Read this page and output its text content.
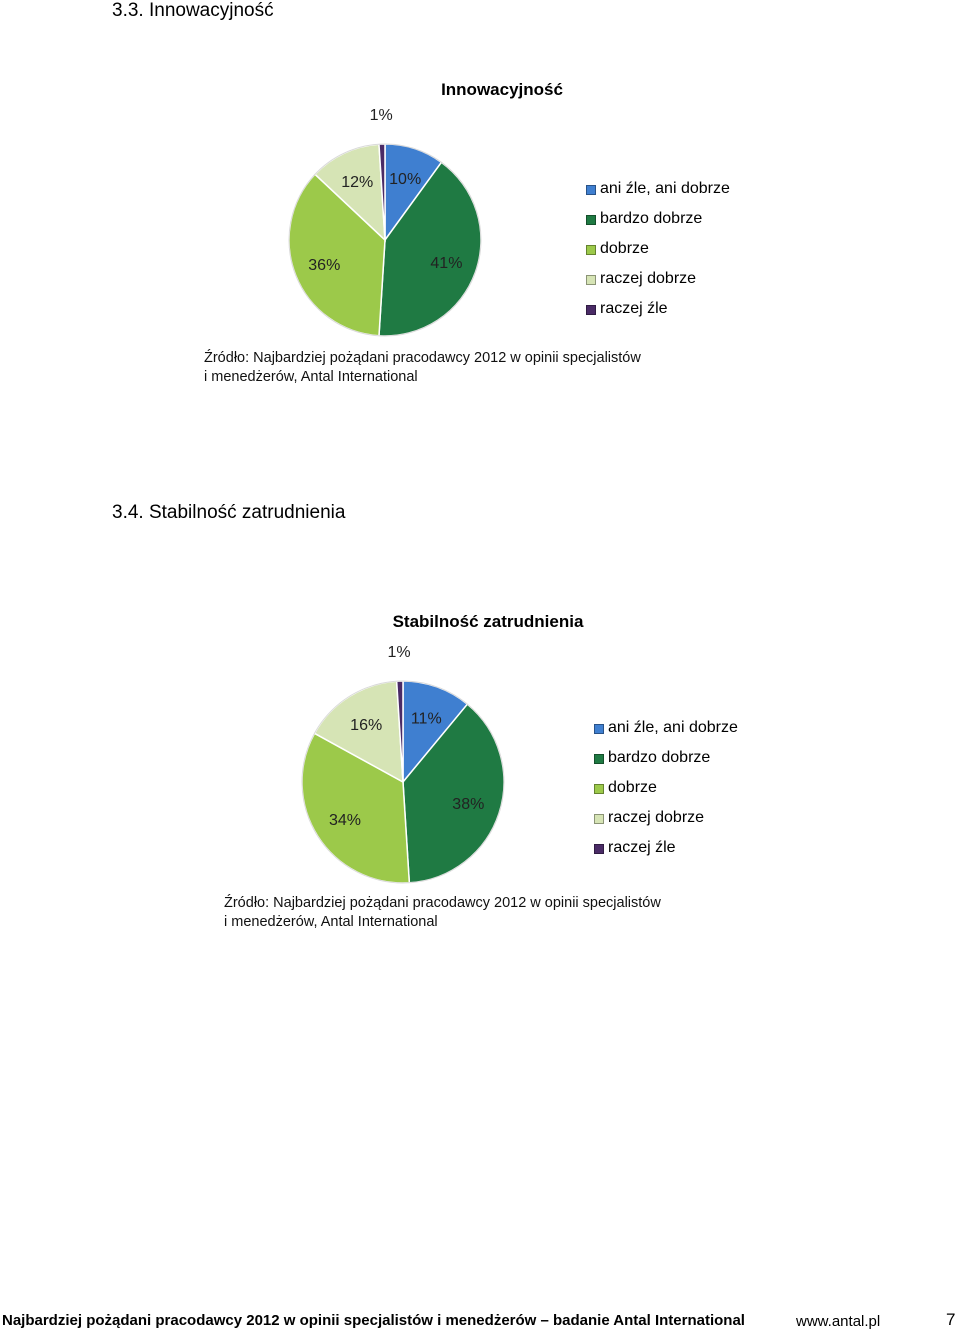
3.3. Innowacyjność
Innowacyjność
10%
41%
36%
12%
1%
ani źle, ani dobrze
bardzo dobrze
dobrze
raczej dobrze
raczej źle
Źródło: Najbardziej pożądani pracodawcy 2012 w opinii specjalistów
i menedżerów, Antal International
3.4. Stabilność zatrudnienia
Stabilność zatrudnienia
11%
38%
34%
16%
1%
ani źle, ani dobrze
bardzo dobrze
dobrze
raczej dobrze
raczej źle
Źródło: Najbardziej pożądani pracodawcy 2012 w opinii specjalistów
i menedżerów, Antal International
Najbardziej pożądani pracodawcy 2012 w opinii specjalistów i menedżerów – badanie Antal International	www.antal.pl	7
